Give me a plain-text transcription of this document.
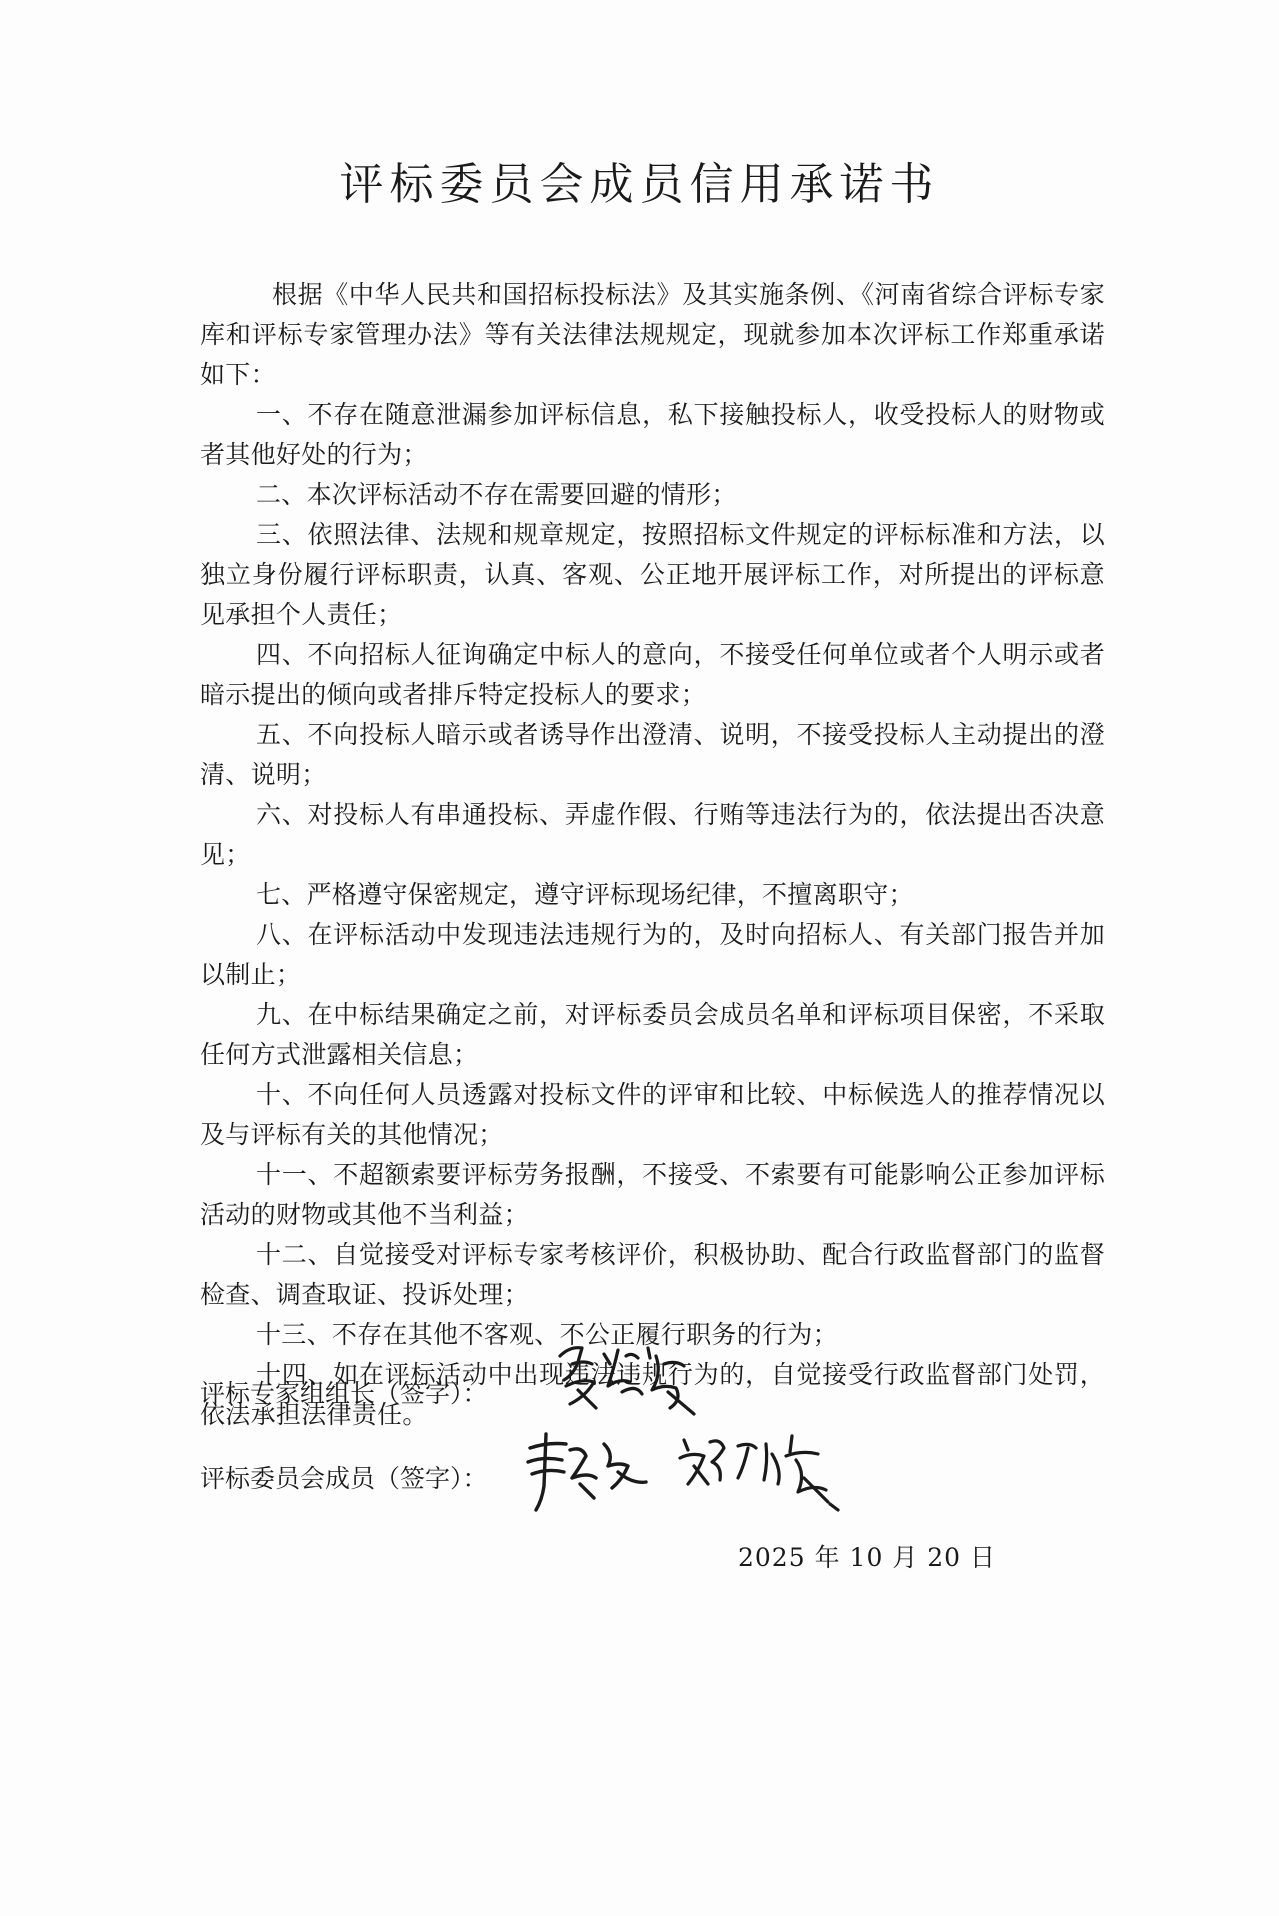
评标委员会成员信用承诺书

根据《中华人民共和国招标投标法》及其实施条例、《河南省综合评标专家库和评标专家管理办法》等有关法律法规规定，现就参加本次评标工作郑重承诺如下：

一、不存在随意泄漏参加评标信息，私下接触投标人，收受投标人的财物或者其他好处的行为；

二、本次评标活动不存在需要回避的情形；

三、依照法律、法规和规章规定，按照招标文件规定的评标标准和方法，以独立身份履行评标职责，认真、客观、公正地开展评标工作，对所提出的评标意见承担个人责任；

四、不向招标人征询确定中标人的意向，不接受任何单位或者个人明示或者暗示提出的倾向或者排斥特定投标人的要求；

五、不向投标人暗示或者诱导作出澄清、说明，不接受投标人主动提出的澄清、说明；

六、对投标人有串通投标、弄虚作假、行贿等违法行为的，依法提出否决意见；

七、严格遵守保密规定，遵守评标现场纪律，不擅离职守；

八、在评标活动中发现违法违规行为的，及时向招标人、有关部门报告并加以制止；

九、在中标结果确定之前，对评标委员会成员名单和评标项目保密，不采取任何方式泄露相关信息；

十、不向任何人员透露对投标文件的评审和比较、中标候选人的推荐情况以及与评标有关的其他情况；

十一、不超额索要评标劳务报酬，不接受、不索要有可能影响公正参加评标活动的财物或其他不当利益；

十二、自觉接受对评标专家考核评价，积极协助、配合行政监督部门的监督检查、调查取证、投诉处理；

十三、不存在其他不客观、不公正履行职务的行为；

十四、如在评标活动中出现违法违规行为的，自觉接受行政监督部门处罚，依法承担法律责任。

评标专家组组长（签字）：
评标委员会成员（签字）：
2025 年 10 月 20 日
